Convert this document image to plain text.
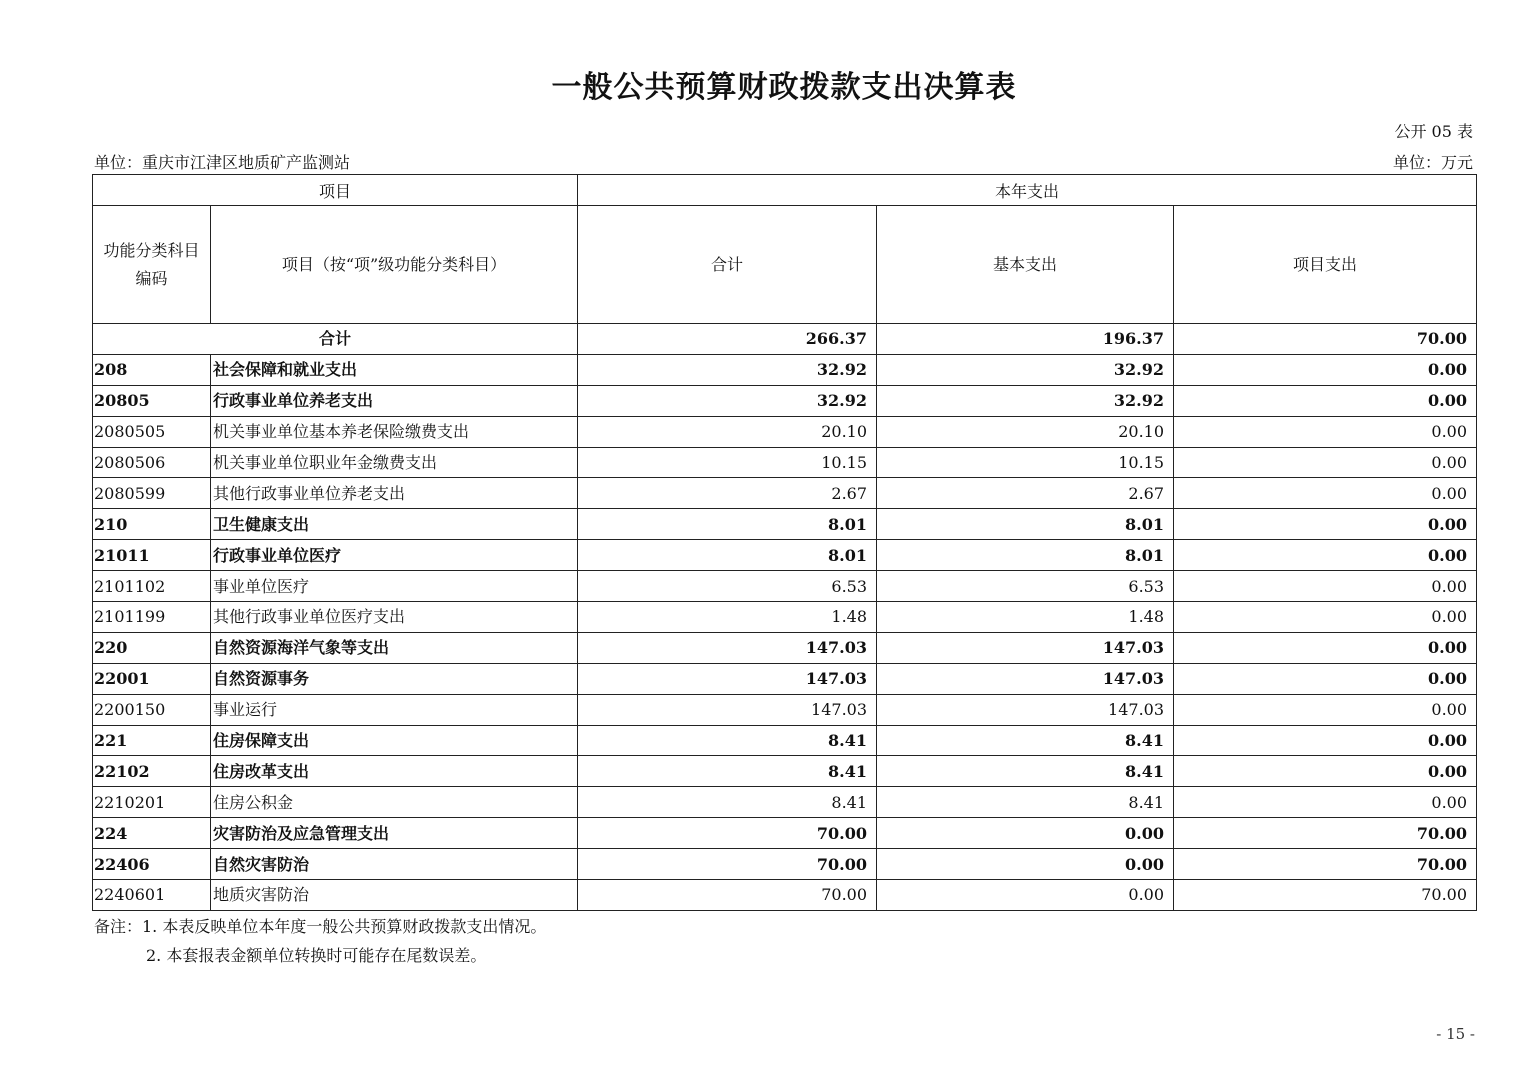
一般公共预算财政拨款支出决算表
公开 05 表
单位：重庆市江津区地质矿产监测站	单位：万元
项目		本年支出		
功能分类科目编码	项目（按“项”级功能分类科目）	合计	基本支出	项目支出
合计		266.37	196.37	70.00
208	社会保障和就业支出	32.92	32.92	0.00
20805	行政事业单位养老支出	32.92	32.92	0.00
2080505	机关事业单位基本养老保险缴费支出	20.10	20.10	0.00
2080506	机关事业单位职业年金缴费支出	10.15	10.15	0.00
2080599	其他行政事业单位养老支出	2.67	2.67	0.00
210	卫生健康支出	8.01	8.01	0.00
21011	行政事业单位医疗	8.01	8.01	0.00
2101102	事业单位医疗	6.53	6.53	0.00
2101199	其他行政事业单位医疗支出	1.48	1.48	0.00
220	自然资源海洋气象等支出	147.03	147.03	0.00
22001	自然资源事务	147.03	147.03	0.00
2200150	事业运行	147.03	147.03	0.00
221	住房保障支出	8.41	8.41	0.00
22102	住房改革支出	8.41	8.41	0.00
2210201	住房公积金	8.41	8.41	0.00
224	灾害防治及应急管理支出	70.00	0.00	70.00
22406	自然灾害防治	70.00	0.00	70.00
2240601	地质灾害防治	70.00	0.00	70.00
备注：1. 本表反映单位本年度一般公共预算财政拨款支出情况。
2. 本套报表金额单位转换时可能存在尾数误差。
- 15 -
